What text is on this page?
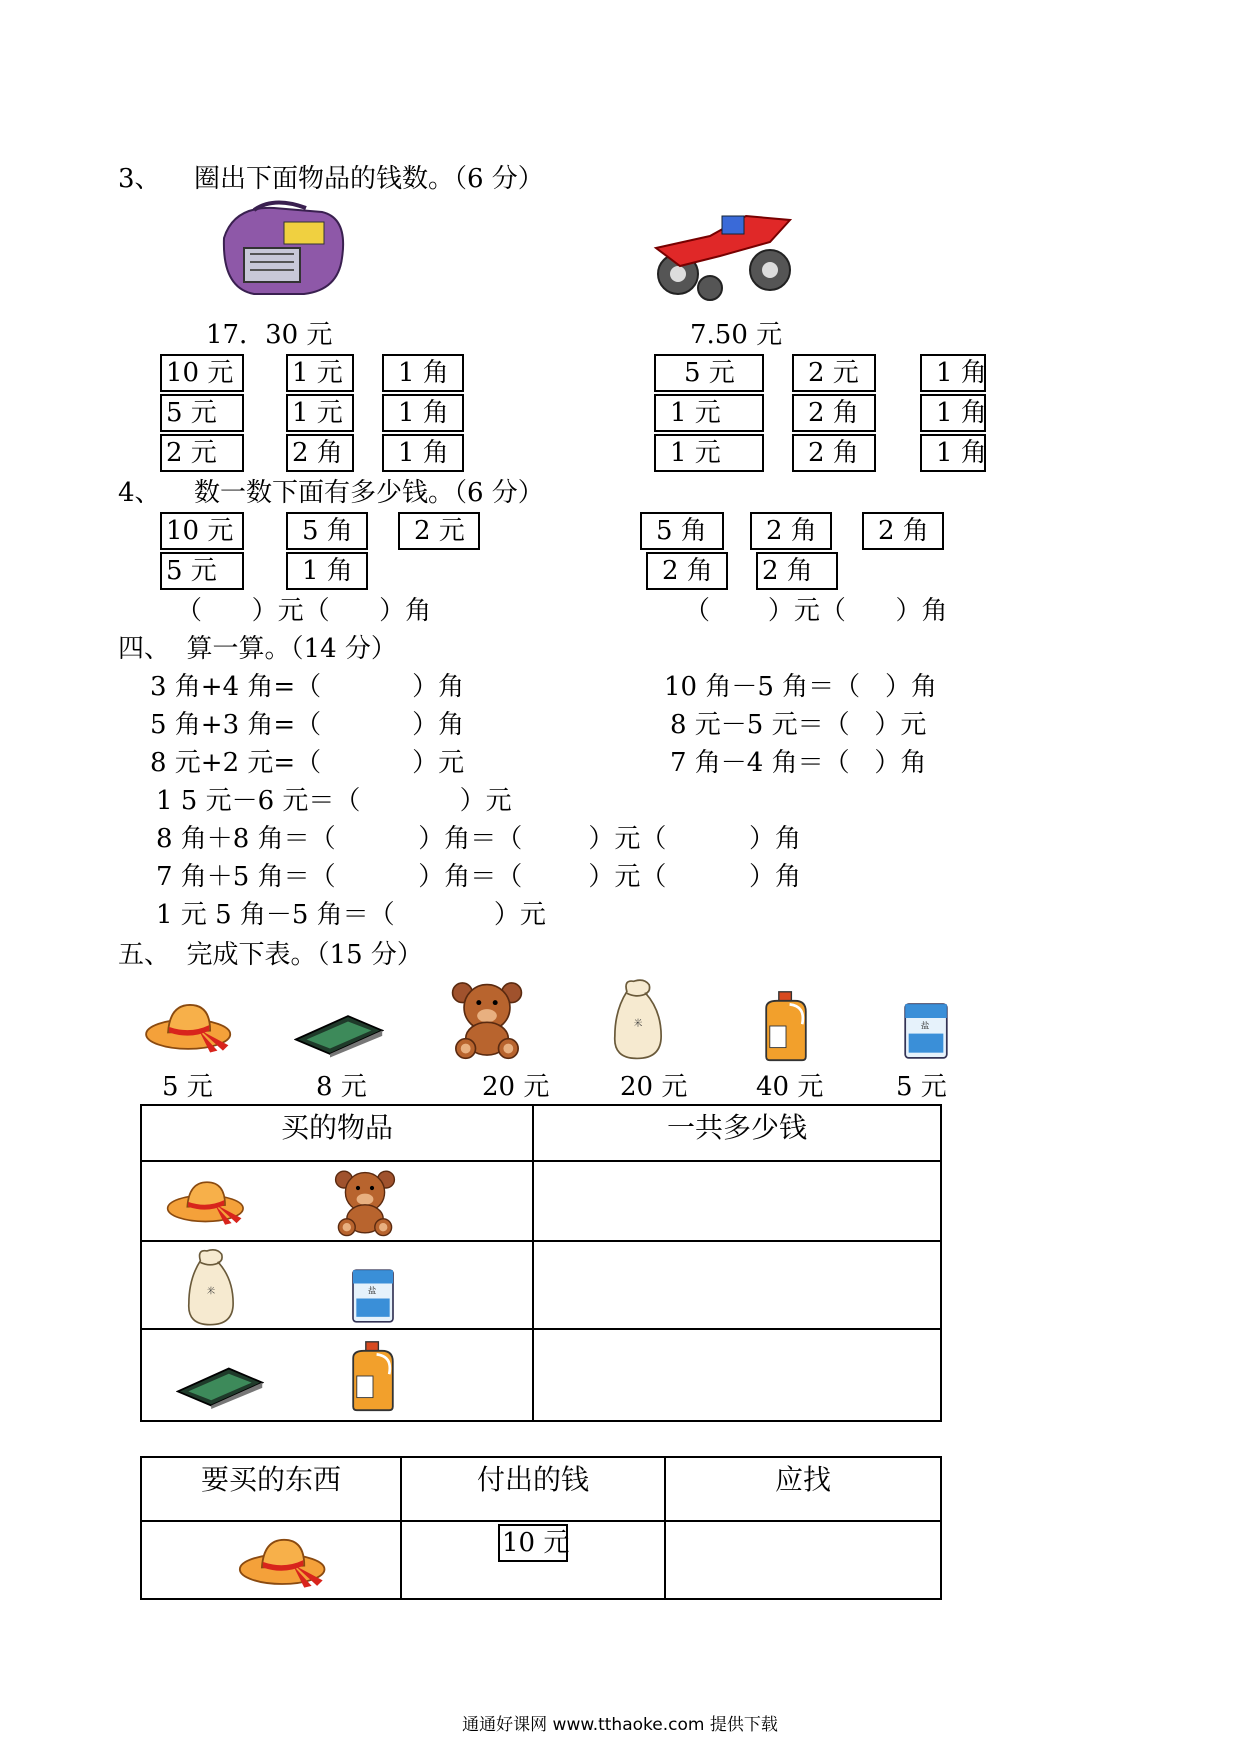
3、 圈出下面物品的钱数。（6 分）
17．30 元	7.50 元
10 元	1 元	1 角
5 元	1 元	1 角
2 元	2 角	1 角
5 元	2 元	1 角
1 元	2 角	1 角
1 元	2 角	1 角
4、 数一数下面有多少钱。（6 分）
10 元	5 角	2 元
5 元	1 角
5 角	2 角	2 角
2 角	2 角
（      ）元（      ）角	（       ）元（      ）角
四、  算一算。（14 分）
3 角+4 角=（           ）角
5 角+3 角=（           ）角
8 元+2 元=（           ）元
10 角－5 角＝（   ）角
8 元－5 元＝（   ）元
7 角－4 角＝（   ）角
1 5 元－6 元＝（            ）元
8 角＋8 角＝（          ）角＝（        ）元（          ）角
7 角＋5 角＝（          ）角＝（        ）元（          ）角
1 元 5 角－5 角＝（            ）元
五、  完成下表。（15 分）
5 元	8 元	20 元	20 元	40 元	5 元
买的物品	一共多少钱

要买的东西	付出的钱	应找

10 元	

通通好课网 www.tthaoke.com 提供下载
